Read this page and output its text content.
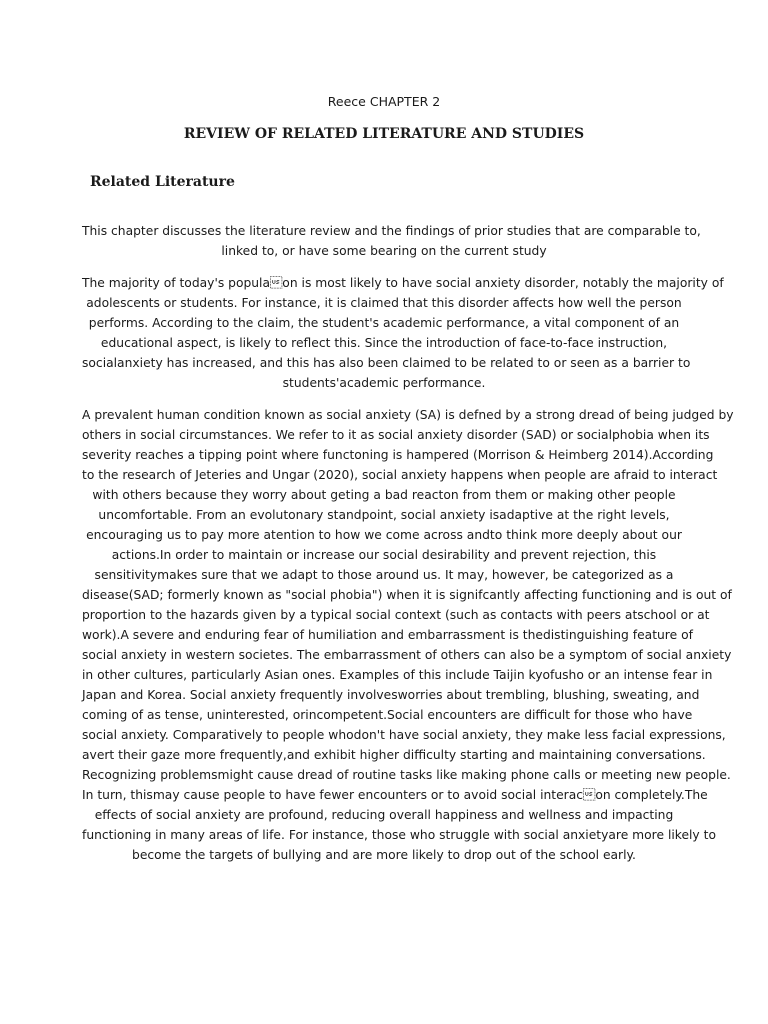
Reece CHAPTER 2
REVIEW OF RELATED LITERATURE AND STUDIES
Related Literature
This chapter discusses the literature review and the findings of prior studies that are comparable to,
linked to, or have some bearing on the current study
The majority of today's populaon is most likely to have social anxiety disorder, notably the majority of
adolescents or students. For instance, it is claimed that this disorder affects how well the person
performs. According to the claim, the student's academic performance, a vital component of an
educational aspect, is likely to reflect this. Since the introduction of face-to-face instruction,
socialanxiety has increased, and this has also been claimed to be related to or seen as a barrier to
students'academic performance.
A prevalent human condition known as social anxiety (SA) is defned by a strong dread of being judged by
others in social circumstances. We refer to it as social anxiety disorder (SAD) or socialphobia when its
severity reaches a tipping point where functoning is hampered (Morrison & Heimberg 2014).According
to the research of Jeteries and Ungar (2020), social anxiety happens when people are afraid to interact
with others because they worry about geting a bad reacton from them or making other people
uncomfortable. From an evolutonary standpoint, social anxiety isadaptive at the right levels,
encouraging us to pay more atention to how we come across andto think more deeply about our
actions.In order to maintain or increase our social desirability and prevent rejection, this
sensitivitymakes sure that we adapt to those around us. It may, however, be categorized as a
disease(SAD; formerly known as "social phobia") when it is signifcantly affecting functioning and is out of
proportion to the hazards given by a typical social context (such as contacts with peers atschool or at
work).A severe and enduring fear of humiliation and embarrassment is thedistinguishing feature of
social anxiety in western societes. The embarrassment of others can also be a symptom of social anxiety
in other cultures, particularly Asian ones. Examples of this include Taijin kyofusho or an intense fear in
Japan and Korea. Social anxiety frequently involvesworries about trembling, blushing, sweating, and
coming of as tense, uninterested, orincompetent.Social encounters are difficult for those who have
social anxiety. Comparatively to people whodon't have social anxiety, they make less facial expressions,
avert their gaze more frequently,and exhibit higher difficulty starting and maintaining conversations.
Recognizing problemsmight cause dread of routine tasks like making phone calls or meeting new people.
In turn, thismay cause people to have fewer encounters or to avoid social interacon completely.The
effects of social anxiety are profound, reducing overall happiness and wellness and impacting
functioning in many areas of life. For instance, those who struggle with social anxietyare more likely to
become the targets of bullying and are more likely to drop out of the school early.
